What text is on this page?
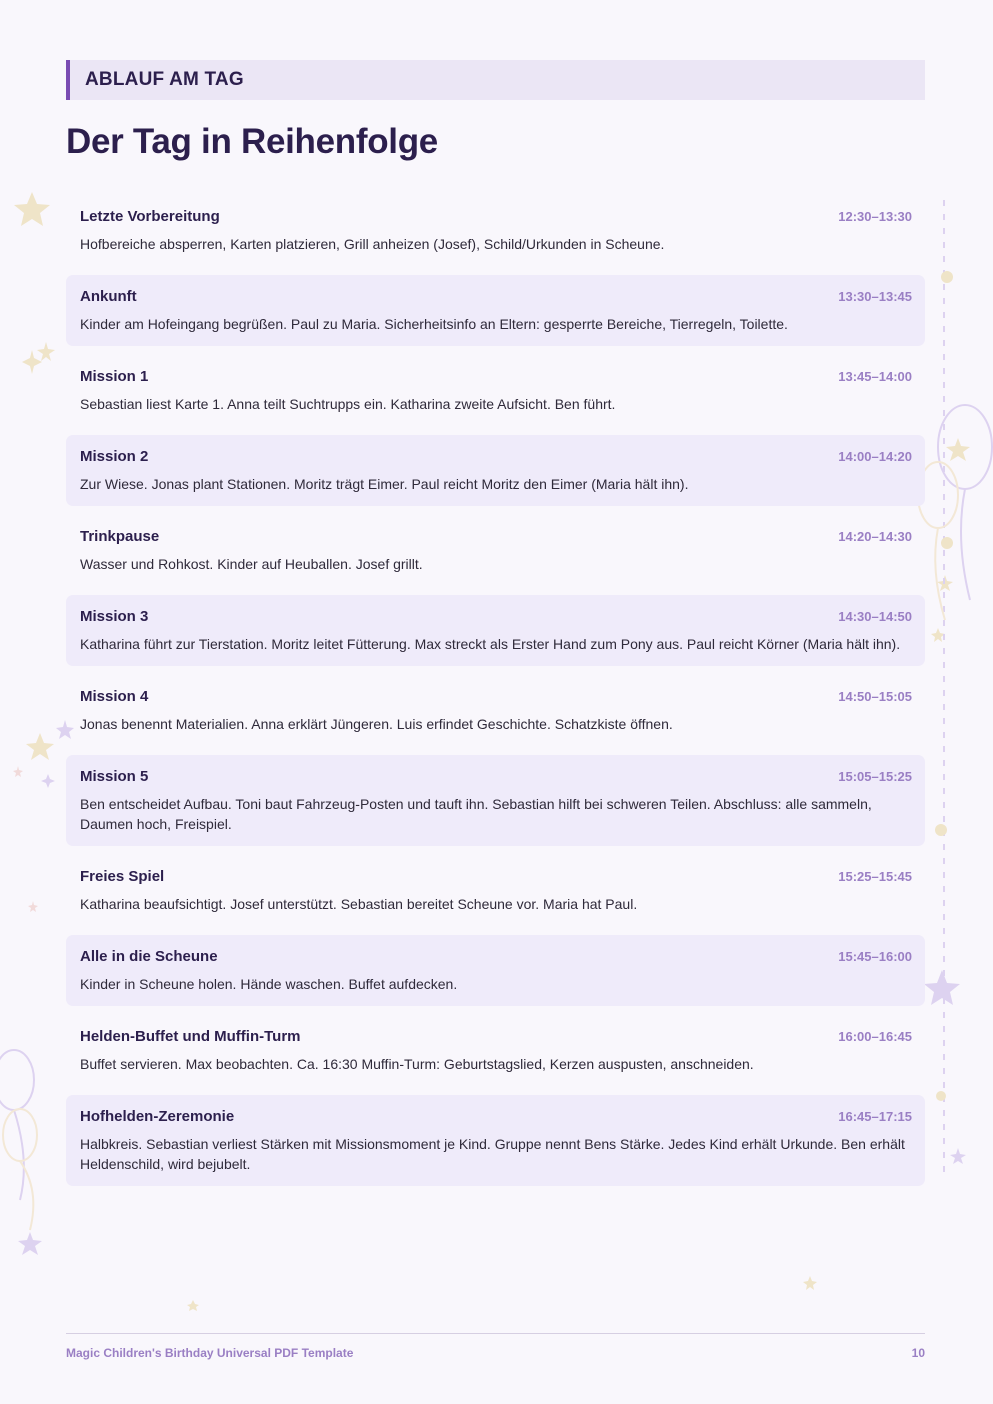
ABLAUF AM TAG
Der Tag in Reihenfolge
Letzte Vorbereitung	12:30–13:30
Hofbereiche absperren, Karten platzieren, Grill anheizen (Josef), Schild/Urkunden in Scheune.
Ankunft	13:30–13:45
Kinder am Hofeingang begrüßen. Paul zu Maria. Sicherheitsinfo an Eltern: gesperrte Bereiche, Tierregeln, Toilette.
Mission 1	13:45–14:00
Sebastian liest Karte 1. Anna teilt Suchtrupps ein. Katharina zweite Aufsicht. Ben führt.
Mission 2	14:00–14:20
Zur Wiese. Jonas plant Stationen. Moritz trägt Eimer. Paul reicht Moritz den Eimer (Maria hält ihn).
Trinkpause	14:20–14:30
Wasser und Rohkost. Kinder auf Heuballen. Josef grillt.
Mission 3	14:30–14:50
Katharina führt zur Tierstation. Moritz leitet Fütterung. Max streckt als Erster Hand zum Pony aus. Paul reicht Körner (Maria hält ihn).
Mission 4	14:50–15:05
Jonas benennt Materialien. Anna erklärt Jüngeren. Luis erfindet Geschichte. Schatzkiste öffnen.
Mission 5	15:05–15:25
Ben entscheidet Aufbau. Toni baut Fahrzeug-Posten und tauft ihn. Sebastian hilft bei schweren Teilen. Abschluss: alle sammeln, Daumen hoch, Freispiel.
Freies Spiel	15:25–15:45
Katharina beaufsichtigt. Josef unterstützt. Sebastian bereitet Scheune vor. Maria hat Paul.
Alle in die Scheune	15:45–16:00
Kinder in Scheune holen. Hände waschen. Buffet aufdecken.
Helden-Buffet und Muffin-Turm	16:00–16:45
Buffet servieren. Max beobachten. Ca. 16:30 Muffin-Turm: Geburtstagslied, Kerzen auspusten, anschneiden.
Hofhelden-Zeremonie	16:45–17:15
Halbkreis. Sebastian verliest Stärken mit Missionsmoment je Kind. Gruppe nennt Bens Stärke. Jedes Kind erhält Urkunde. Ben erhält Heldenschild, wird bejubelt.
Magic Children's Birthday Universal PDF Template	10
